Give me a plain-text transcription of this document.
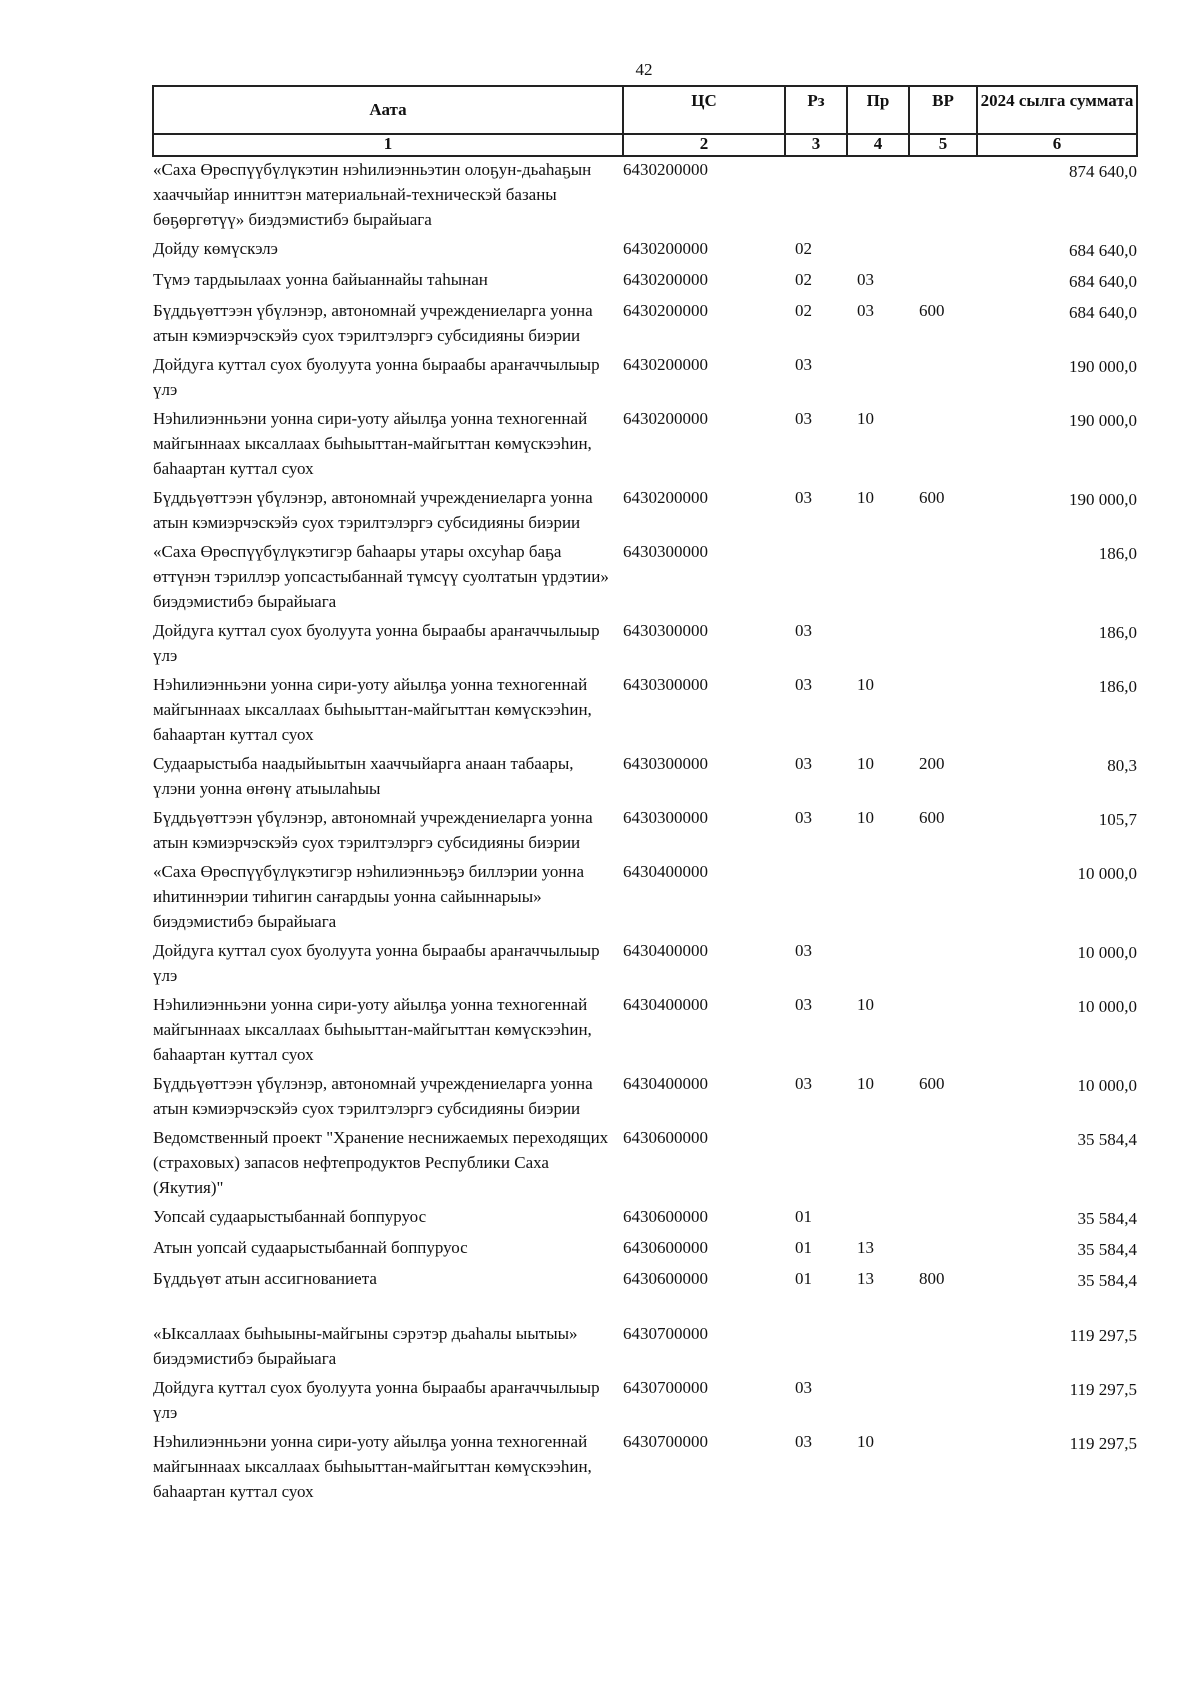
42
Аата	ЦС	Рз	Пр	ВР	2024 сылга суммата

1	2	3	4	5	6
«Саха Өрөспүүбүлүкэтин нэһилиэнньэтин олоҕун-дьаһаҕын хааччыйар инниттэн материальнай-техническэй базаны бөҕөргөтүү» биэдэмистибэ бырайыага	6430200000				874 640,0
Дойду көмүскэлэ	6430200000	02			684 640,0
Түмэ тардыылаах уонна байыаннайы таһынан	6430200000	02	03		684 640,0
Бүддьүөттээн үбүлэнэр, автономнай учреждениеларга уонна атын кэмиэрчэскэйэ суох тэрилтэлэргэ субсидияны биэрии	6430200000	02	03	600	684 640,0
Дойдуга куттал суох буолуута уонна быраабы араҥаччылыыр үлэ	6430200000	03			190 000,0
Нэһилиэнньэни уонна сири-уоту айылҕа уонна техногеннай майгыннаах ыксаллаах быһыыттан-майгыттан көмүскээһин, баһаартан куттал суох	6430200000	03	10		190 000,0
Бүддьүөттээн үбүлэнэр, автономнай учреждениеларга уонна атын кэмиэрчэскэйэ суох тэрилтэлэргэ субсидияны биэрии	6430200000	03	10	600	190 000,0
«Саха Өрөспүүбүлүкэтигэр баһаары утары охсуһар баҕа өттүнэн тэриллэр уопсастыбаннай түмсүү суолтатын үрдэтии» биэдэмистибэ бырайыага	6430300000				186,0
Дойдуга куттал суох буолуута уонна быраабы араҥаччылыыр үлэ	6430300000	03			186,0
Нэһилиэнньэни уонна сири-уоту айылҕа уонна техногеннай майгыннаах ыксаллаах быһыыттан-майгыттан көмүскээһин, баһаартан куттал суох	6430300000	03	10		186,0
Судаарыстыба наадыйыытын хааччыйарга анаан табаары, үлэни уонна өҥөнү атыылаһыы	6430300000	03	10	200	80,3
Бүддьүөттээн үбүлэнэр, автономнай учреждениеларга уонна атын кэмиэрчэскэйэ суох тэрилтэлэргэ субсидияны биэрии	6430300000	03	10	600	105,7
«Саха Өрөспүүбүлүкэтигэр нэһилиэнньэҕэ биллэрии уонна иһитиннэрии тиһигин саҥардыы уонна сайыннарыы» биэдэмистибэ бырайыага	6430400000				10 000,0
Дойдуга куттал суох буолуута уонна быраабы араҥаччылыыр үлэ	6430400000	03			10 000,0
Нэһилиэнньэни уонна сири-уоту айылҕа уонна техногеннай майгыннаах ыксаллаах быһыыттан-майгыттан көмүскээһин, баһаартан куттал суох	6430400000	03	10		10 000,0
Бүддьүөттээн үбүлэнэр, автономнай учреждениеларга уонна атын кэмиэрчэскэйэ суох тэрилтэлэргэ субсидияны биэрии	6430400000	03	10	600	10 000,0
Ведомственный проект "Хранение неснижаемых переходящих (страховых) запасов нефтепродуктов Республики Саха (Якутия)"	6430600000				35 584,4
Уопсай судаарыстыбаннай боппуруос	6430600000	01			35 584,4
Атын уопсай судаарыстыбаннай боппуруос	6430600000	01	13		35 584,4
Бүддьүөт атын ассигнованиета	6430600000	01	13	800	35 584,4
«Ыксаллаах быһыыны-майгыны сэрэтэр дьаһалы ыытыы» биэдэмистибэ бырайыага	6430700000				119 297,5
Дойдуга куттал суох буолуута уонна быраабы араҥаччылыыр үлэ	6430700000	03			119 297,5
Нэһилиэнньэни уонна сири-уоту айылҕа уонна техногеннай майгыннаах ыксаллаах быһыыттан-майгыттан көмүскээһин, баһаартан куттал суох	6430700000	03	10		119 297,5
